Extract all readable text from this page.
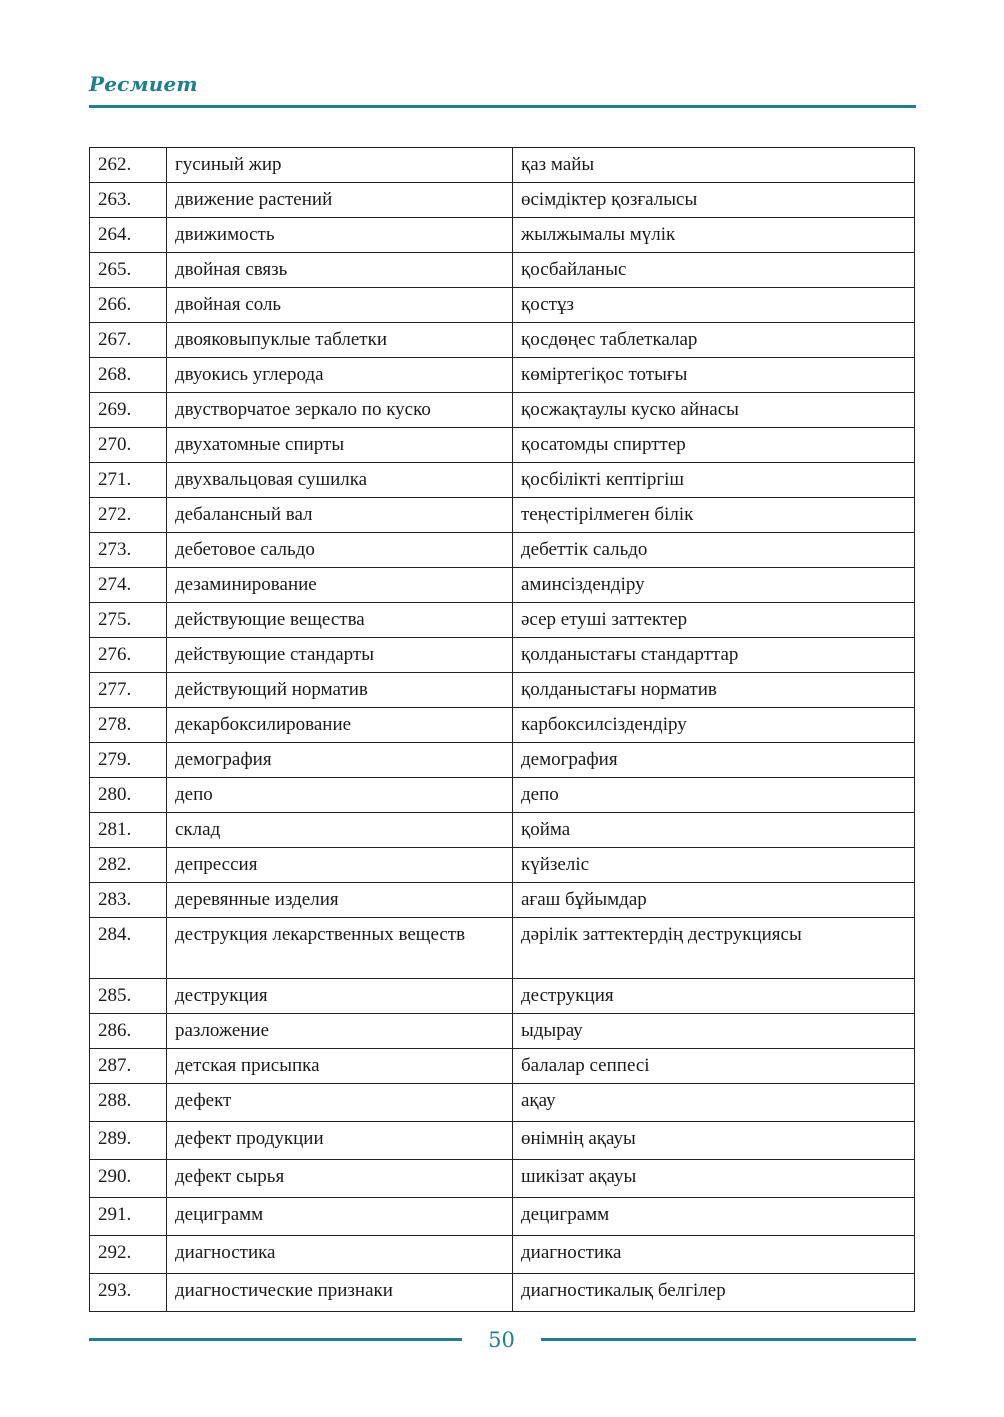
Ресмиет
262.	гусиный жир	қаз майы
263.	движение растений	өсімдіктер қозғалысы
264.	движимость	жылжымалы мүлік
265.	двойная связь	қосбайланыс
266.	двойная соль	қостұз
267.	двояковыпуклые таблетки	қосдөңес таблеткалар
268.	двуокись углерода	көміртегіқос тотығы
269.	двустворчатое зеркало по куско	қосжақтаулы куско айнасы
270.	двухатомные спирты	қосатомды спирттер
271.	двухвальцовая сушилка	қосбілікті кептіргіш
272.	дебалансный вал	теңестірілмеген білік
273.	дебетовое сальдо	дебеттік сальдо
274.	дезаминирование	аминсіздендіру
275.	действующие вещества	әсер етуші заттектер
276.	действующие стандарты	қолданыстағы стандарттар
277.	действующий норматив	қолданыстағы норматив
278.	декарбоксилирование	карбоксилсіздендіру
279.	демография	демография
280.	депо	депо
281.	склад	қойма
282.	депрессия	күйзеліс
283.	деревянные изделия	ағаш бұйымдар
284.	деструкция лекарственных веществ	дәрілік заттектердің деструкциясы
285.	деструкция	деструкция
286.	разложение	ыдырау
287.	детская присыпка	балалар сеппесі
288.	дефект	ақау
289.	дефект продукции	өнімнің ақауы
290.	дефект сырья	шикізат ақауы
291.	дециграмм	дециграмм
292.	диагностика	диагностика
293.	диагностические признаки	диагностикалық белгілер
50
